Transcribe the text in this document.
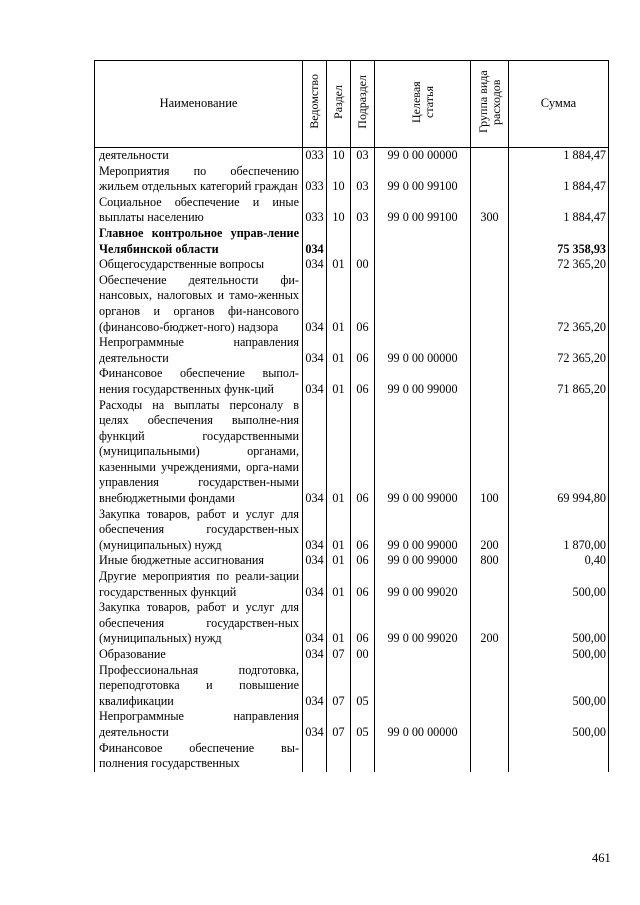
Наименование	Ведомство	Раздел	Подраздел	Целевая статья	Группа вида расходов	Сумма
деятельности	033	10	03	99 0 00 00000		1 884,47
Мероприятия по обеспечению жильем отдельных категорий граждан	033	10	03	99 0 00 99100		1 884,47
Социальное обеспечение и иные выплаты населению	033	10	03	99 0 00 99100	300	1 884,47
Главное контрольное управ-ление Челябинской области	034					75 358,93
Общегосударственные вопросы	034	01	00			72 365,20
Обеспечение деятельности фи-нансовых, налоговых и тамо-женных органов и органов фи-нансового (финансово-бюджет-ного) надзора	034	01	06			72 365,20
Непрограммные направления деятельности	034	01	06	99 0 00 00000		72 365,20
Финансовое обеспечение выпол-нения государственных функ-ций	034	01	06	99 0 00 99000		71 865,20
Расходы на выплаты персоналу в целях обеспечения выполне-ния функций государственными (муниципальными) органами, казенными учреждениями, орга-нами управления государствен-ными внебюджетными фондами	034	01	06	99 0 00 99000	100	69 994,80
Закупка товаров, работ и услуг для обеспечения государствен-ных (муниципальных) нужд	034	01	06	99 0 00 99000	200	1 870,00
Иные бюджетные ассигнования	034	01	06	99 0 00 99000	800	0,40
Другие мероприятия по реали-зации государственных функций	034	01	06	99 0 00 99020		500,00
Закупка товаров, работ и услуг для обеспечения государствен-ных (муниципальных) нужд	034	01	06	99 0 00 99020	200	500,00
Образование	034	07	00			500,00
Профессиональная подготовка, переподготовка и повышение квалификации	034	07	05			500,00
Непрограммные направления деятельности	034	07	05	99 0 00 00000		500,00
Финансовое обеспечение вы-полнения государственных						
461
